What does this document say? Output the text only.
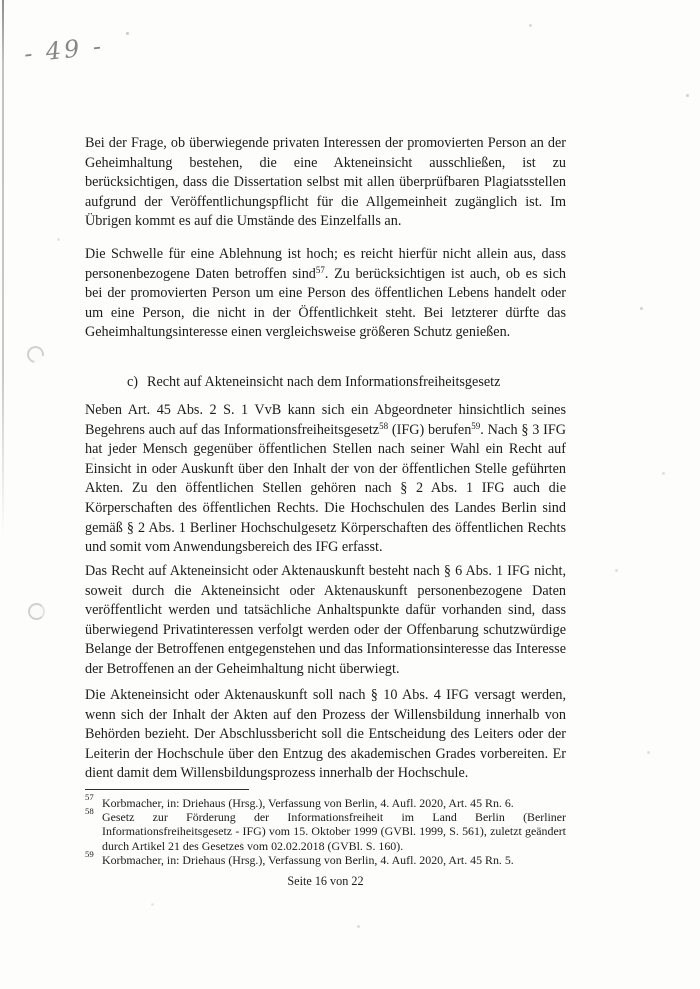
- 49 -

Bei der Frage, ob überwiegende privaten Interessen der promovierten Person an der Geheimhaltung bestehen, die eine Akteneinsicht ausschließen, ist zu berücksichtigen, dass die Dissertation selbst mit allen überprüfbaren Plagiatsstellen aufgrund der Veröffentlichungspflicht für die Allgemeinheit zugänglich ist. Im Übrigen kommt es auf die Umstände des Einzelfalls an.

Die Schwelle für eine Ablehnung ist hoch; es reicht hierfür nicht allein aus, dass personenbezogene Daten betroffen sind$^{57}$. Zu berücksichtigen ist auch, ob es sich bei der promovierten Person um eine Person des öffentlichen Lebens handelt oder um eine Person, die nicht in der Öffentlichkeit steht. Bei letzterer dürfte das Geheimhaltungsinteresse einen vergleichsweise größeren Schutz genießen.

c) Recht auf Akteneinsicht nach dem Informationsfreiheitsgesetz

Neben Art. 45 Abs. 2 S. 1 VvB kann sich ein Abgeordneter hinsichtlich seines Begehrens auch auf das Informationsfreiheitsgesetz$^{58}$ (IFG) berufen$^{59}$. Nach § 3 IFG hat jeder Mensch gegenüber öffentlichen Stellen nach seiner Wahl ein Recht auf Einsicht in oder Auskunft über den Inhalt der von der öffentlichen Stelle geführten Akten. Zu den öffentlichen Stellen gehören nach § 2 Abs. 1 IFG auch die Körperschaften des öffentlichen Rechts. Die Hochschulen des Landes Berlin sind gemäß § 2 Abs. 1 Berliner Hochschulgesetz Körperschaften des öffentlichen Rechts und somit vom Anwendungsbereich des IFG erfasst.

Das Recht auf Akteneinsicht oder Aktenauskunft besteht nach § 6 Abs. 1 IFG nicht, soweit durch die Akteneinsicht oder Aktenauskunft personenbezogene Daten veröffentlicht werden und tatsächliche Anhaltspunkte dafür vorhanden sind, dass überwiegend Privatinteressen verfolgt werden oder der Offenbarung schutzwürdige Belange der Betroffenen entgegenstehen und das Informationsinteresse das Interesse der Betroffenen an der Geheimhaltung nicht überwiegt.

Die Akteneinsicht oder Aktenauskunft soll nach § 10 Abs. 4 IFG versagt werden, wenn sich der Inhalt der Akten auf den Prozess der Willensbildung innerhalb von Behörden bezieht. Der Abschlussbericht soll die Entscheidung des Leiters oder der Leiterin der Hochschule über den Entzug des akademischen Grades vorbereiten. Er dient damit dem Willensbildungsprozess innerhalb der Hochschule.

57 Korbmacher, in: Driehaus (Hrsg.), Verfassung von Berlin, 4. Aufl. 2020, Art. 45 Rn. 6.
58 Gesetz zur Förderung der Informationsfreiheit im Land Berlin (Berliner Informationsfreiheitsgesetz - IFG) vom 15. Oktober 1999 (GVBl. 1999, S. 561), zuletzt geändert durch Artikel 21 des Gesetzes vom 02.02.2018 (GVBl. S. 160).
59 Korbmacher, in: Driehaus (Hrsg.), Verfassung von Berlin, 4. Aufl. 2020, Art. 45 Rn. 5.
Seite 16 von 22
